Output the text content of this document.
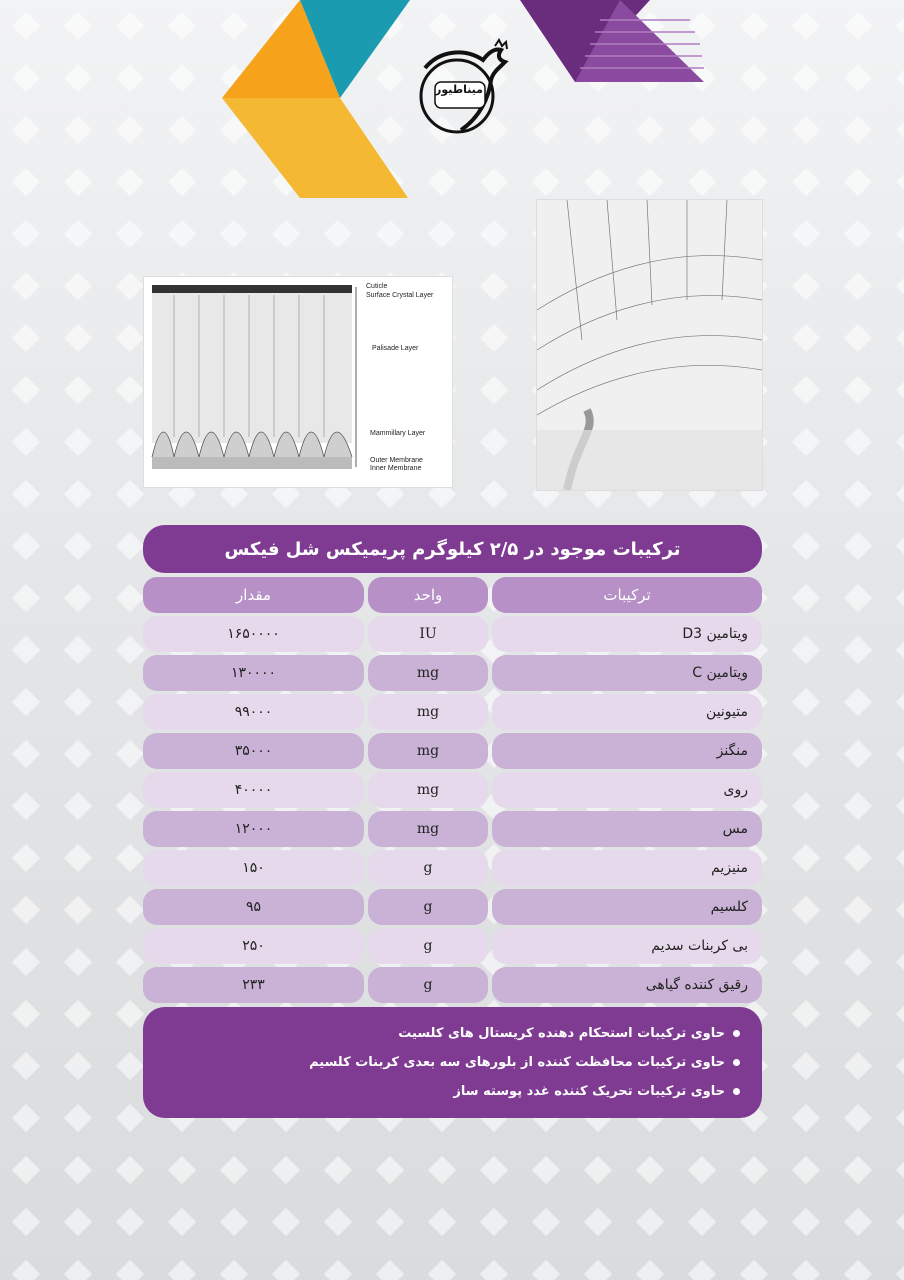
میناطیور
Cuticle
Surface Crystal Layer
Palisade Layer
Mammillary Layer
Outer Membrane
Inner Membrane
ترکیبات موجود در ۲/۵ کیلوگرم پریمیکس شل فیکس
ترکیبات
واحد
مقدار
ویتامین D3
IU
۱۶۵۰۰۰۰
ویتامین C
mg
۱۳۰۰۰۰
متیونین
mg
۹۹۰۰۰
منگنز
mg
۳۵۰۰۰
روی
mg
۴۰۰۰۰
مس
mg
۱۲۰۰۰
منیزیم
g
۱۵۰
کلسیم
g
۹۵
بی کربنات سدیم
g
۲۵۰
رقیق کننده گیاهی
g
۲۳۳
حاوی ترکیبات استحکام دهنده کریستال های کلسیت
حاوی ترکیبات محافظت کننده از بلورهای سه بعدی کربنات کلسیم
حاوی ترکیبات تحریک کننده غدد پوسته ساز
